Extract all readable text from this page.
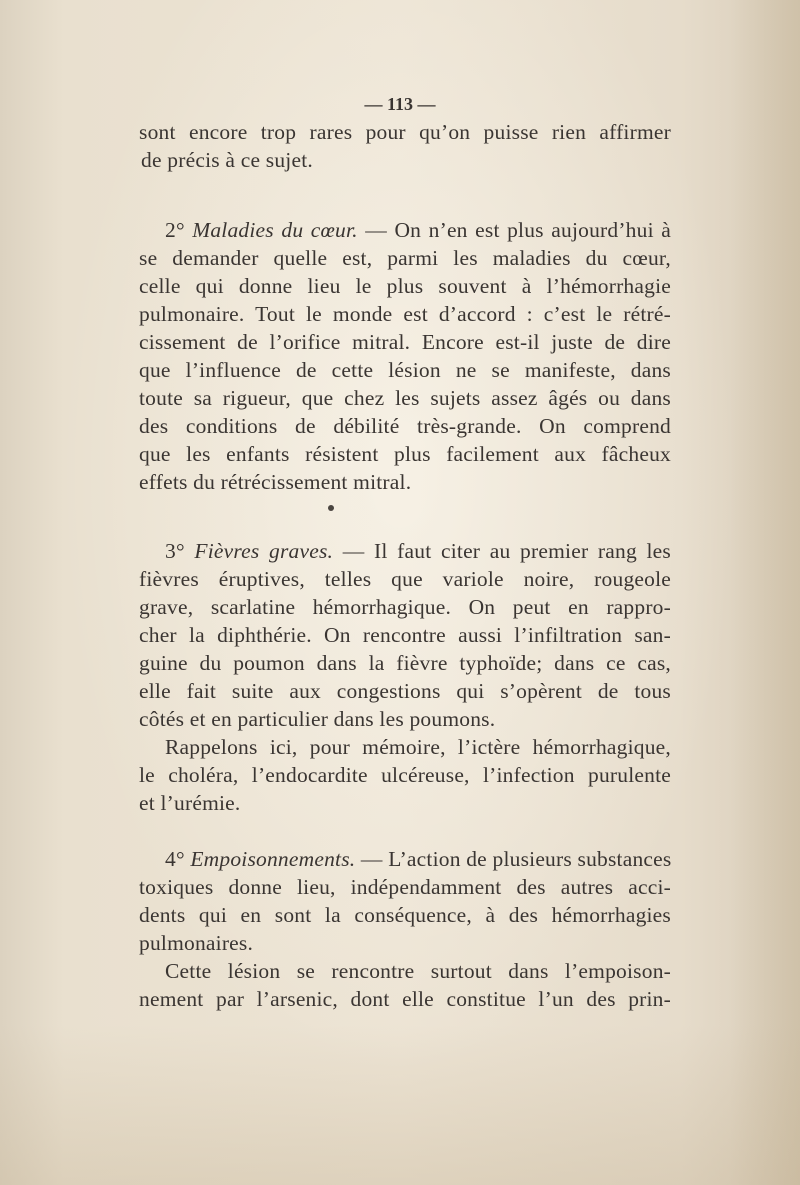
— 113 —
sont encore trop rares pour qu’on puisse rien affirmer
de précis à ce sujet.
2° Maladies du cœur. — On n’en est plus aujourd’hui à
se demander quelle est, parmi les maladies du cœur,
celle qui donne lieu le plus souvent à l’hémorrhagie
pulmonaire. Tout le monde est d’accord : c’est le rétré-
cissement de l’orifice mitral. Encore est-il juste de dire
que l’influence de cette lésion ne se manifeste, dans
toute sa rigueur, que chez les sujets assez âgés ou dans
des conditions de débilité très-grande. On comprend
que les enfants résistent plus facilement aux fâcheux
effets du rétrécissement mitral.
3° Fièvres graves. — Il faut citer au premier rang les
fièvres éruptives, telles que variole noire, rougeole
grave, scarlatine hémorrhagique. On peut en rappro-
cher la diphthérie. On rencontre aussi l’infiltration san-
guine du poumon dans la fièvre typhoïde; dans ce cas,
elle fait suite aux congestions qui s’opèrent de tous
côtés et en particulier dans les poumons.
Rappelons ici, pour mémoire, l’ictère hémorrhagique,
le choléra, l’endocardite ulcéreuse, l’infection purulente
et l’urémie.
4° Empoisonnements. — L’action de plusieurs substances
toxiques donne lieu, indépendamment des autres acci-
dents qui en sont la conséquence, à des hémorrhagies
pulmonaires.
Cette lésion se rencontre surtout dans l’empoison-
nement par l’arsenic, dont elle constitue l’un des prin-
